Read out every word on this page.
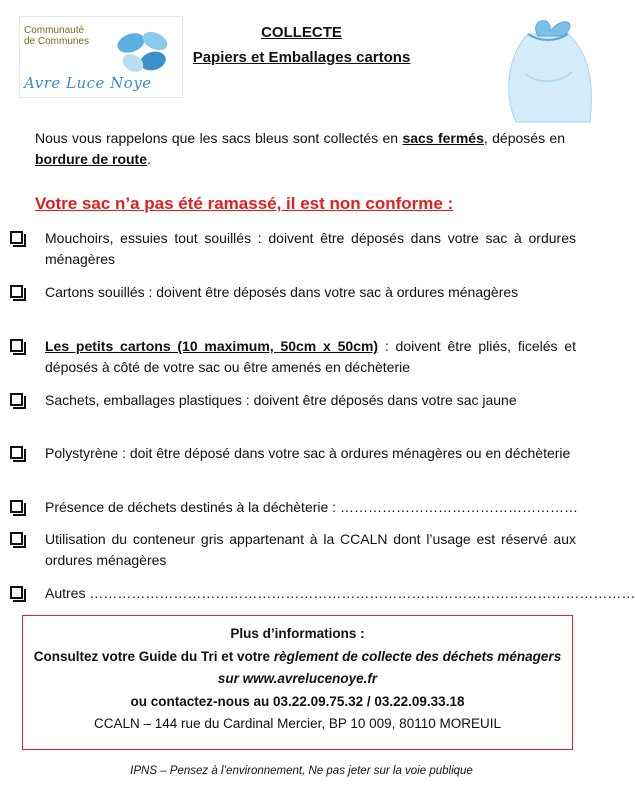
Communauté
de Communes
Avre Luce Noye
COLLECTE
Papiers et Emballages cartons
Nous vous rappelons que les sacs bleus sont collectés en sacs fermés, déposés en bordure de route.
Votre sac n’a pas été ramassé, il est non conforme :
Mouchoirs, essuies tout souillés : doivent être déposés dans votre sac à ordures ménagères
Cartons souillés : doivent être déposés dans votre sac à ordures ménagères
Les petits cartons (10 maximum, 50cm x 50cm) : doivent être pliés, ficelés et déposés à côté de votre sac ou être amenés en déchèterie
Sachets, emballages plastiques : doivent être déposés dans votre sac jaune
Polystyrène : doit être déposé dans votre sac à ordures ménagères ou en déchèterie
Présence de déchets destinés à la déchèterie : ……………………………………………
Utilisation du conteneur gris appartenant à la CCALN dont l’usage est réservé aux ordures ménagères
Autres ………………………………………………………………………………………………………
Plus d’informations :
Consultez votre Guide du Tri et votre règlement de collecte des déchets ménagers sur www.avrelucenoye.fr
ou contactez-nous au 03.22.09.75.32 / 03.22.09.33.18
CCALN – 144 rue du Cardinal Mercier, BP 10 009, 80110 MOREUIL
IPNS – Pensez à l’environnement, Ne pas jeter sur la voie publique
